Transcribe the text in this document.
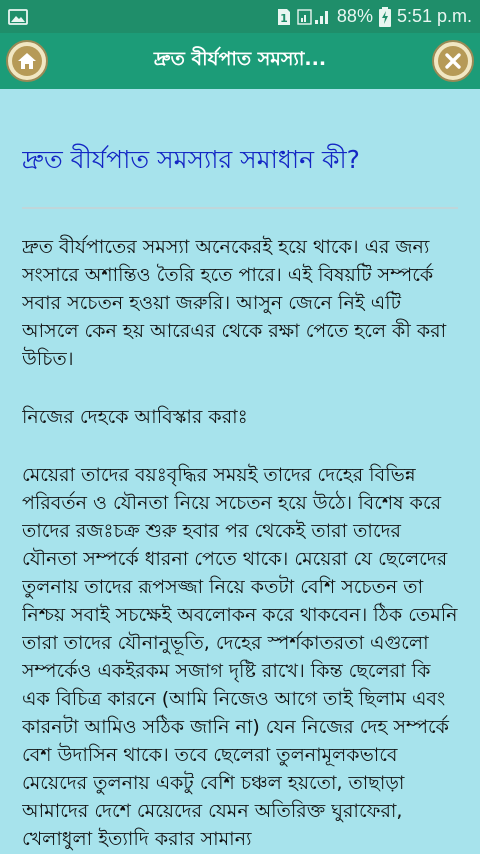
1	88% 5:51 p.m.
দ্রুত বীর্যপাত সমস্যা...
দ্রুত বীর্যপাত সমস্যার সমাধান কী?

দ্রুত বীর্যপাতের সমস্যা অনেকেরই হয়ে থাকে। এর জন্য সংসারে অশান্তিও তৈরি হতে পারে। এই বিষয়টি সম্পর্কে সবার সচেতন হওয়া জরুরি। আসুন জেনে নিই এটি আসলে কেন হয় আরেএর থেকে রক্ষা পেতে হলে কী করা উচিত।

নিজের দেহকে আবিস্কার করাঃ

মেয়েরা তাদের বয়ঃবৃদ্ধির সময়ই তাদের দেহের বিভিন্ন পরিবর্তন ও যৌনতা নিয়ে সচেতন হয়ে উঠে। বিশেষ করে তাদের রজঃচক্র শুরু হবার পর থেকেই তারা তাদের যৌনতা সম্পর্কে ধারনা পেতে থাকে। মেয়েরা যে ছেলেদের তুলনায় তাদের রূপসজ্জা নিয়ে কতটা বেশি সচেতন তা নিশ্চয় সবাই সচক্ষেই অবলোকন করে থাকবেন। ঠিক তেমনি তারা তাদের যৌনানুভূতি, দেহের স্পর্শকাতরতা এগুলো সম্পর্কেও একইরকম সজাগ দৃষ্টি রাখে। কিন্ত ছেলেরা কি এক বিচিত্র কারনে (আমি নিজেও আগে তাই ছিলাম এবং কারনটা আমিও সঠিক জানি না) যেন নিজের দেহ সম্পর্কে বেশ উদাসিন থাকে। তবে ছেলেরা তুলনামূলকভাবে মেয়েদের তুলনায় একটু বেশি চঞ্চল হয়তো, তাছাড়া আমাদের দেশে মেয়েদের যেমন অতিরিক্ত ঘুরাফেরা, খেলাধুলা ইত্যাদি করার সামান্য
